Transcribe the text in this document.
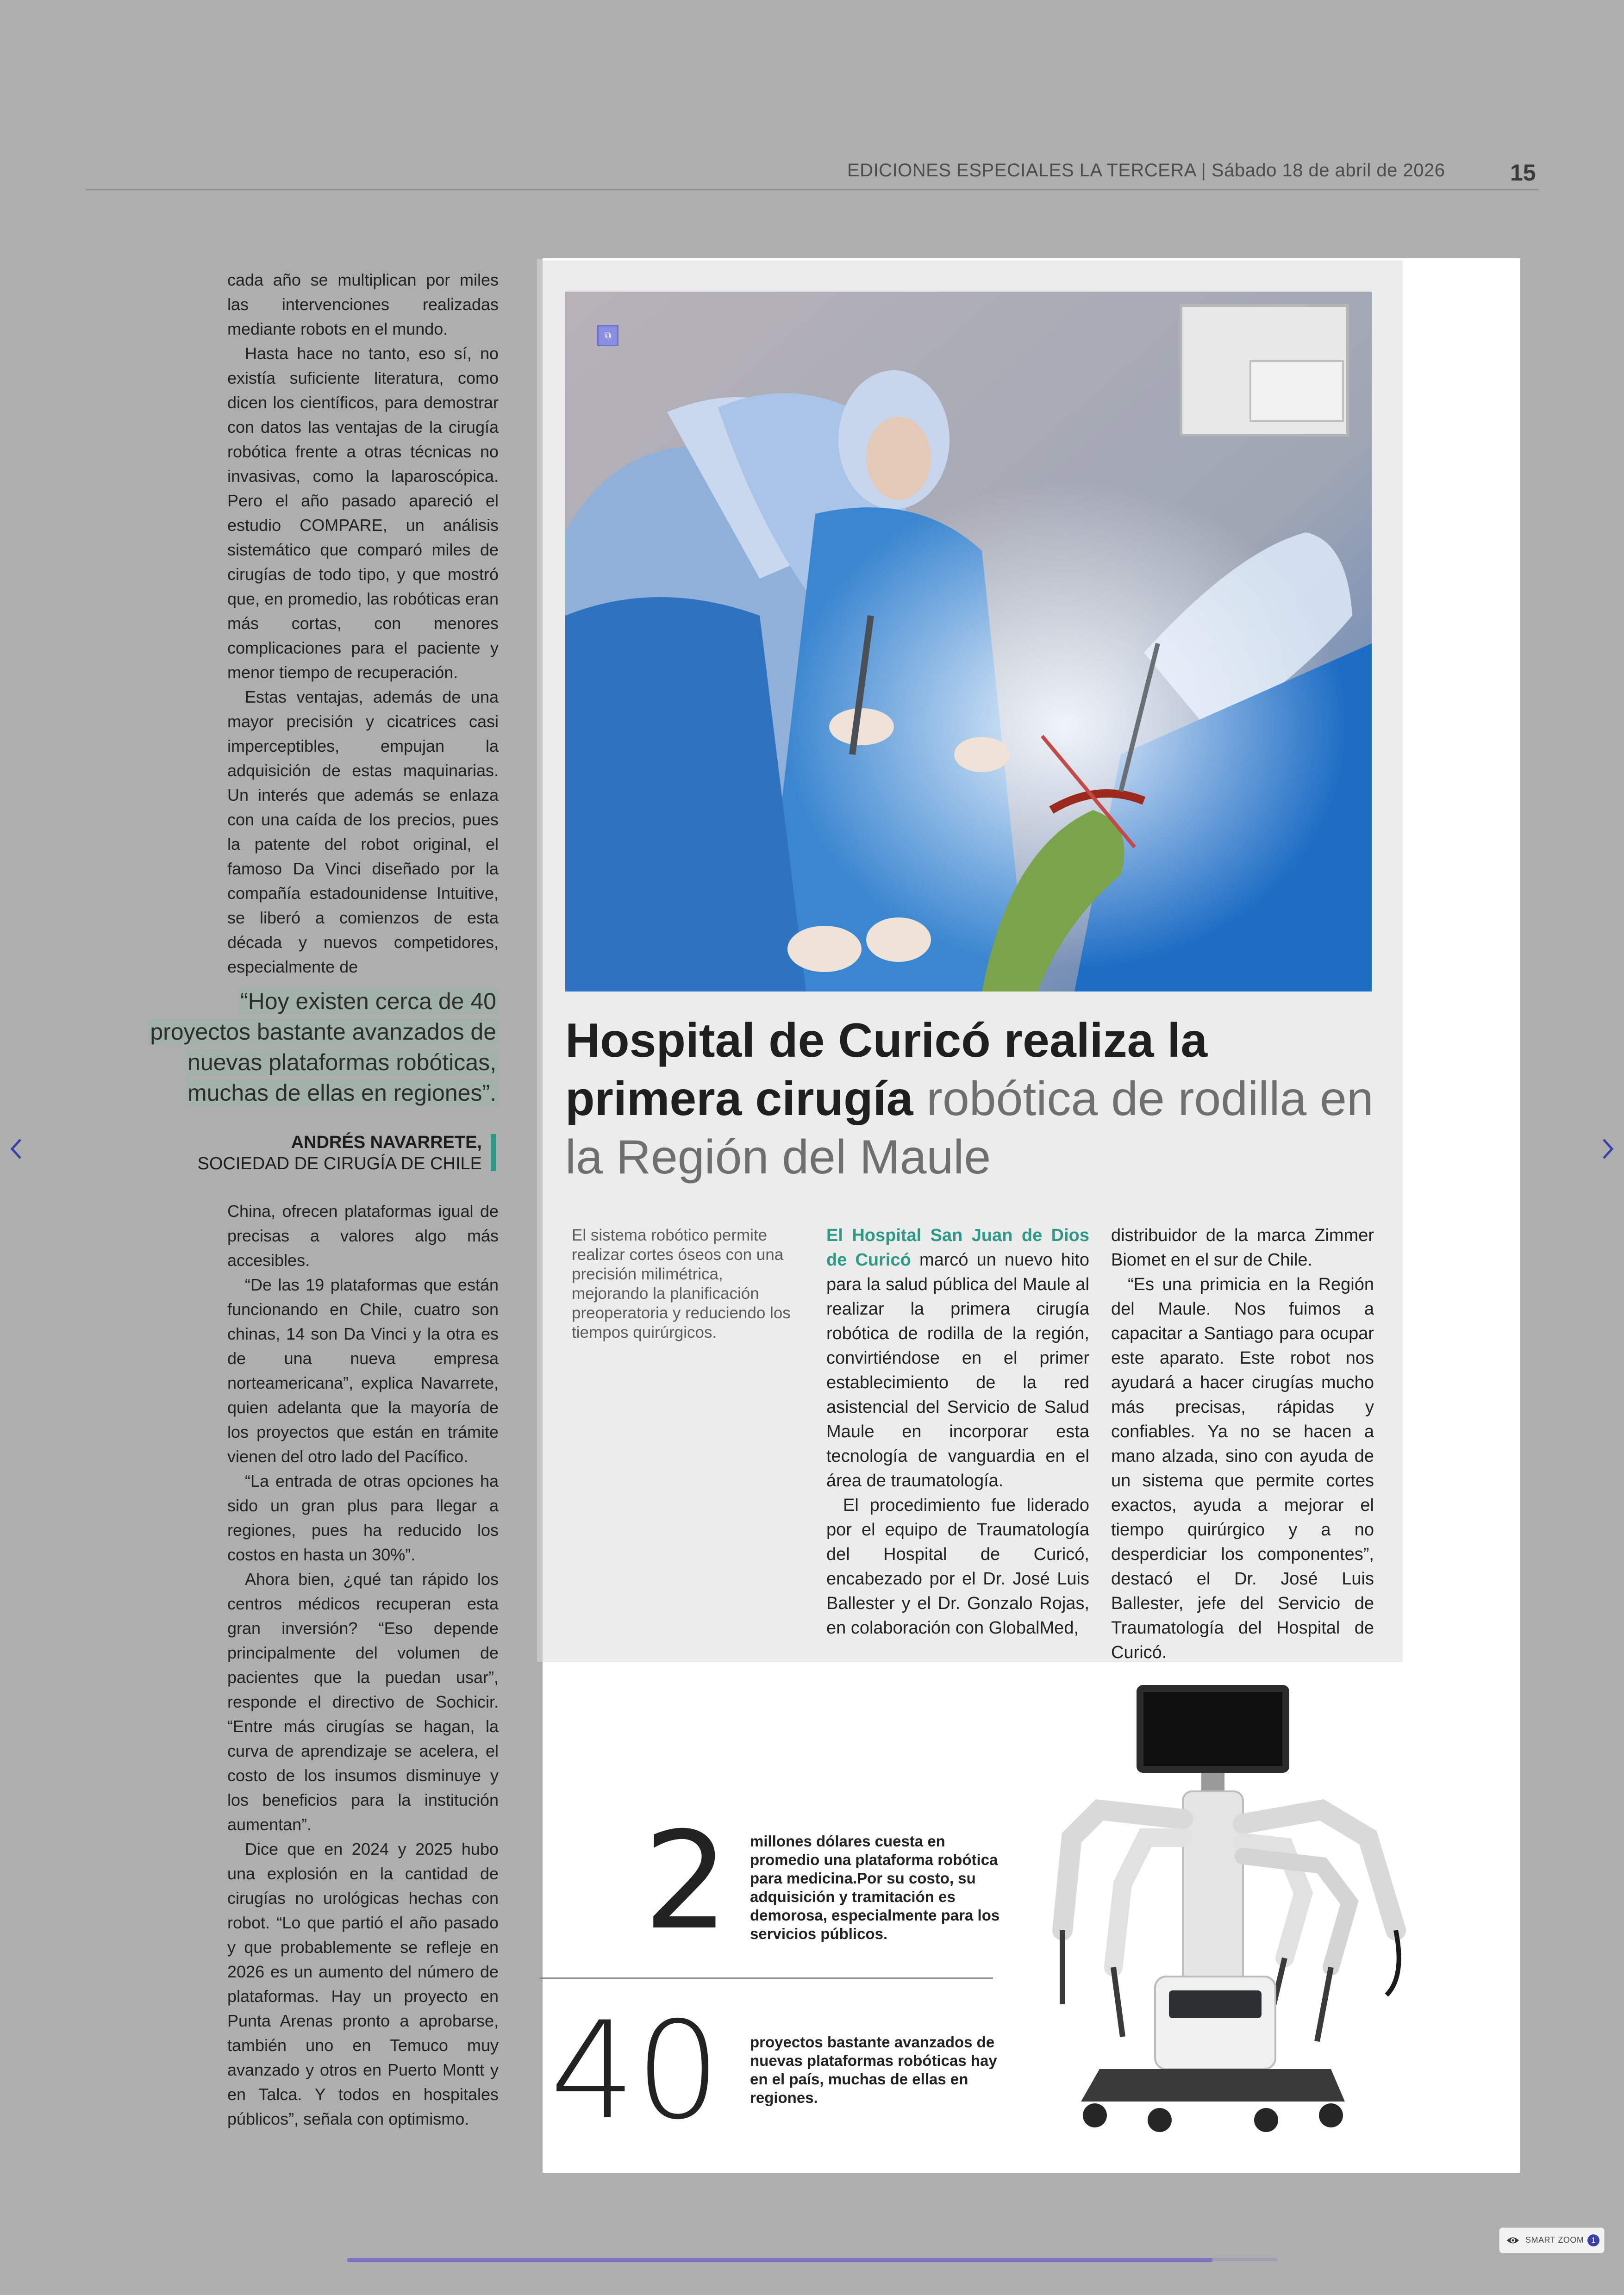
EDICIONES ESPECIALES LA TERCERA | Sábado 18 de abril de 2026	15

cada año se multiplican por miles las intervenciones realizadas mediante robots en el mundo.

Hasta hace no tanto, eso sí, no existía suficiente literatura, como dicen los científicos, para demostrar con datos las ventajas de la cirugía robótica frente a otras técnicas no invasivas, como la laparoscópica. Pero el año pasado apareció el estudio COMPARE, un análisis sistemático que comparó miles de cirugías de todo tipo, y que mostró que, en promedio, las robóticas eran más cortas, con menores complicaciones para el paciente y menor tiempo de recuperación.

Estas ventajas, además de una mayor precisión y cicatrices casi imperceptibles, empujan la adquisición de estas maquinarias. Un interés que además se enlaza con una caída de los precios, pues la patente del robot original, el famoso Da Vinci diseñado por la compañía estadounidense Intuitive, se liberó a comienzos de esta década y nuevos competidores, especialmente de

“Hoy existen cerca de 40 proyectos bastante avanzados de nuevas plataformas robóticas, muchas de ellas en regiones”.
ANDRÉS NAVARRETE,
SOCIEDAD DE CIRUGÍA DE CHILE

China, ofrecen plataformas igual de precisas a valores algo más accesibles.

“De las 19 plataformas que están funcionando en Chile, cuatro son chinas, 14 son Da Vinci y la otra es de una nueva empresa norteamericana”, explica Navarrete, quien adelanta que la mayoría de los proyectos que están en trámite vienen del otro lado del Pacífico.

“La entrada de otras opciones ha sido un gran plus para llegar a regiones, pues ha reducido los costos en hasta un 30%”.

Ahora bien, ¿qué tan rápido los centros médicos recuperan esta gran inversión? “Eso depende principalmente del volumen de pacientes que la puedan usar”, responde el directivo de Sochicir. “Entre más cirugías se hagan, la curva de aprendizaje se acelera, el costo de los insumos disminuye y los beneficios para la institución aumentan”.

Dice que en 2024 y 2025 hubo una explosión en la cantidad de cirugías no urológicas hechas con robot. “Lo que partió el año pasado y que probablemente se refleje en 2026 es un aumento del número de plataformas. Hay un proyecto en Punta Arenas pronto a aprobarse, también uno en Temuco muy avanzado y otros en Puerto Montt y en Talca. Y todos en hospitales públicos”, señala con optimismo.

⧉
Hospital de Curicó realiza la primera cirugía robótica de rodilla en la Región del Maule
El sistema robótico permite realizar cortes óseos con una precisión milimétrica, mejorando la planificación preoperatoria y reduciendo los tiempos quirúrgicos.

El Hospital San Juan de Dios de Curicó marcó un nuevo hito para la salud pública del Maule al realizar la primera cirugía robótica de rodilla de la región, convirtiéndose en el primer establecimiento de la red asistencial del Servicio de Salud Maule en incorporar esta tecnología de vanguardia en el área de traumatología.

El procedimiento fue liderado por el equipo de Traumatología del Hospital de Curicó, encabezado por el Dr. José Luis Ballester y el Dr. Gonzalo Rojas, en colaboración con GlobalMed,

distribuidor de la marca Zimmer Biomet en el sur de Chile.

“Es una primicia en la Región del Maule. Nos fuimos a capacitar a Santiago para ocupar este aparato. Este robot nos ayudará a hacer cirugías mucho más precisas, rápidas y confiables. Ya no se hacen a mano alzada, sino con ayuda de un sistema que permite cortes exactos, ayuda a mejorar el tiempo quirúrgico y a no desperdiciar los componentes”, destacó el Dr. José Luis Ballester, jefe del Servicio de Traumatología del Hospital de Curicó.

2 millones dólares cuesta en promedio una plataforma robótica para medicina.Por su costo, su adquisición y tramitación es demorosa, especialmente para los servicios públicos.
40 proyectos bastante avanzados de nuevas plataformas robóticas hay en el país, muchas de ellas en regiones.
SMART ZOOM 1
